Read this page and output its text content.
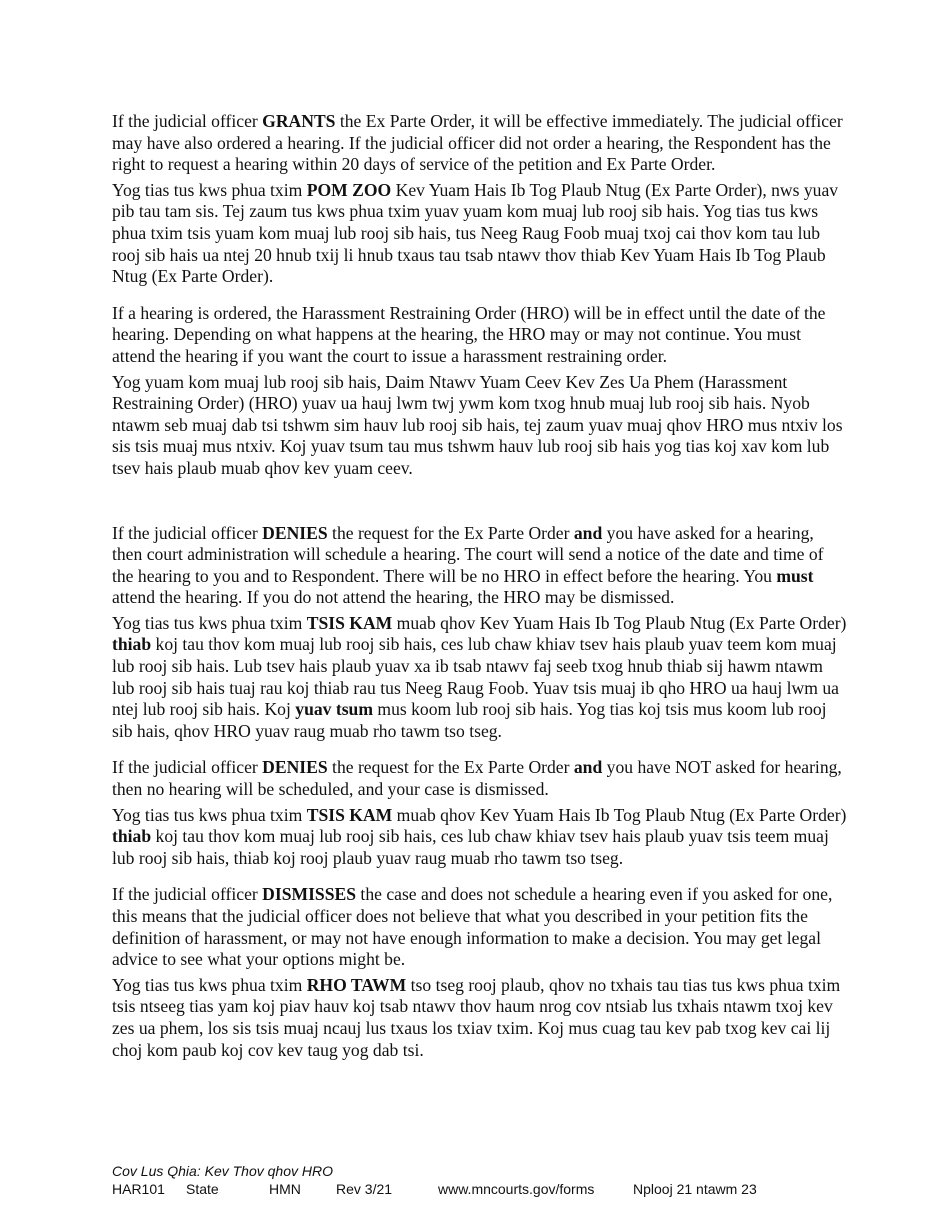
If the judicial officer GRANTS the Ex Parte Order, it will be effective immediately. The judicial officer may have also ordered a hearing. If the judicial officer did not order a hearing, the Respondent has the right to request a hearing within 20 days of service of the petition and Ex Parte Order.

Yog tias tus kws phua txim POM ZOO Kev Yuam Hais Ib Tog Plaub Ntug (Ex Parte Order), nws yuav pib tau tam sis. Tej zaum tus kws phua txim yuav yuam kom muaj lub rooj sib hais. Yog tias tus kws phua txim tsis yuam kom muaj lub rooj sib hais, tus Neeg Raug Foob muaj txoj cai thov kom tau lub rooj sib hais ua ntej 20 hnub txij li hnub txaus tau tsab ntawv thov thiab Kev Yuam Hais Ib Tog Plaub Ntug (Ex Parte Order).

If a hearing is ordered, the Harassment Restraining Order (HRO) will be in effect until the date of the hearing. Depending on what happens at the hearing, the HRO may or may not continue. You must attend the hearing if you want the court to issue a harassment restraining order.

Yog yuam kom muaj lub rooj sib hais, Daim Ntawv Yuam Ceev Kev Zes Ua Phem (Harassment Restraining Order) (HRO) yuav ua hauj lwm twj ywm kom txog hnub muaj lub rooj sib hais. Nyob ntawm seb muaj dab tsi tshwm sim hauv lub rooj sib hais, tej zaum yuav muaj qhov HRO mus ntxiv los sis tsis muaj mus ntxiv. Koj yuav tsum tau mus tshwm hauv lub rooj sib hais yog tias koj xav kom lub tsev hais plaub muab qhov kev yuam ceev.

If the judicial officer DENIES the request for the Ex Parte Order and you have asked for a hearing, then court administration will schedule a hearing. The court will send a notice of the date and time of the hearing to you and to Respondent. There will be no HRO in effect before the hearing. You must attend the hearing. If you do not attend the hearing, the HRO may be dismissed.

Yog tias tus kws phua txim TSIS KAM muab qhov Kev Yuam Hais Ib Tog Plaub Ntug (Ex Parte Order) thiab koj tau thov kom muaj lub rooj sib hais, ces lub chaw khiav tsev hais plaub yuav teem kom muaj lub rooj sib hais. Lub tsev hais plaub yuav xa ib tsab ntawv faj seeb txog hnub thiab sij hawm ntawm lub rooj sib hais tuaj rau koj thiab rau tus Neeg Raug Foob. Yuav tsis muaj ib qho HRO ua hauj lwm ua ntej lub rooj sib hais. Koj yuav tsum mus koom lub rooj sib hais. Yog tias koj tsis mus koom lub rooj sib hais, qhov HRO yuav raug muab rho tawm tso tseg.

If the judicial officer DENIES the request for the Ex Parte Order and you have NOT asked for hearing, then no hearing will be scheduled, and your case is dismissed.

Yog tias tus kws phua txim TSIS KAM muab qhov Kev Yuam Hais Ib Tog Plaub Ntug (Ex Parte Order) thiab koj tau thov kom muaj lub rooj sib hais, ces lub chaw khiav tsev hais plaub yuav tsis teem muaj lub rooj sib hais, thiab koj rooj plaub yuav raug muab rho tawm tso tseg.

If the judicial officer DISMISSES the case and does not schedule a hearing even if you asked for one, this means that the judicial officer does not believe that what you described in your petition fits the definition of harassment, or may not have enough information to make a decision. You may get legal advice to see what your options might be.

Yog tias tus kws phua txim RHO TAWM tso tseg rooj plaub, qhov no txhais tau tias tus kws phua txim tsis ntseeg tias yam koj piav hauv koj tsab ntawv thov haum nrog cov ntsiab lus txhais ntawm txoj kev zes ua phem, los sis tsis muaj ncauj lus txaus los txiav txim. Koj mus cuag tau kev pab txog kev cai lij choj kom paub koj cov kev taug yog dab tsi.

Cov Lus Qhia: Kev Thov qhov HRO
HAR101 State	HMN	Rev 3/21	www.mncourts.gov/forms	Nplooj 21 ntawm 23
